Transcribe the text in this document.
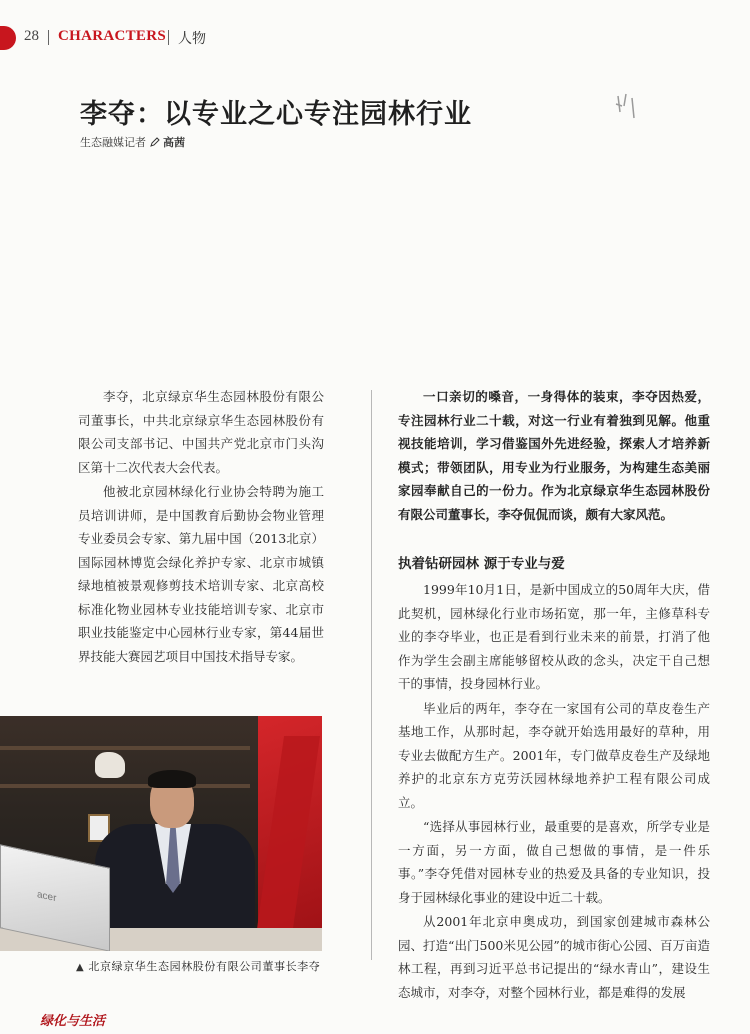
28 CHARACTERS 人物
李夺：以专业之心专注园林行业
生态融媒记者 高茜

李夺，北京绿京华生态园林股份有限公司董事长，中共北京绿京华生态园林股份有限公司支部书记、中国共产党北京市门头沟区第十二次代表大会代表。

他被北京园林绿化行业协会特聘为施工员培训讲师，是中国教育后勤协会物业管理专业委员会专家、第九届中国（2013北京）国际园林博览会绿化养护专家、北京市城镇绿地植被景观修剪技术培训专家、北京高校标准化物业园林专业技能培训专家、北京市职业技能鉴定中心园林行业专家，第44届世界技能大赛园艺项目中国技术指导专家。

一口亲切的嗓音，一身得体的装束，李夺因热爱，专注园林行业二十载，对这一行业有着独到见解。他重视技能培训，学习借鉴国外先进经验，探索人才培养新模式；带领团队，用专业为行业服务，为构建生态美丽家园奉献自己的一份力。作为北京绿京华生态园林股份有限公司董事长，李夺侃侃而谈，颇有大家风范。

执着钻研园林 源于专业与爱

1999年10月1日，是新中国成立的50周年大庆，借此契机，园林绿化行业市场拓宽，那一年，主修草科专业的李夺毕业，也正是看到行业未来的前景，打消了他作为学生会副主席能够留校从政的念头，决定干自己想干的事情，投身园林行业。

毕业后的两年，李夺在一家国有公司的草皮卷生产基地工作，从那时起，李夺就开始选用最好的草种，用专业去做配方生产。2001年，专门做草皮卷生产及绿地养护的北京东方克劳沃园林绿地养护工程有限公司成立。

“选择从事园林行业，最重要的是喜欢，所学专业是一方面，另一方面，做自己想做的事情，是一件乐事。”李夺凭借对园林专业的热爱及具备的专业知识，投身于园林绿化事业的建设中近二十载。

从2001年北京申奥成功，到国家创建城市森林公园、打造“出门500米见公园”的城市街心公园、百万亩造林工程，再到习近平总书记提出的“绿水青山”，建设生态城市，对李夺，对整个园林行业，都是难得的发展

acer
▲ 北京绿京华生态园林股份有限公司董事长李夺
绿化与生活
